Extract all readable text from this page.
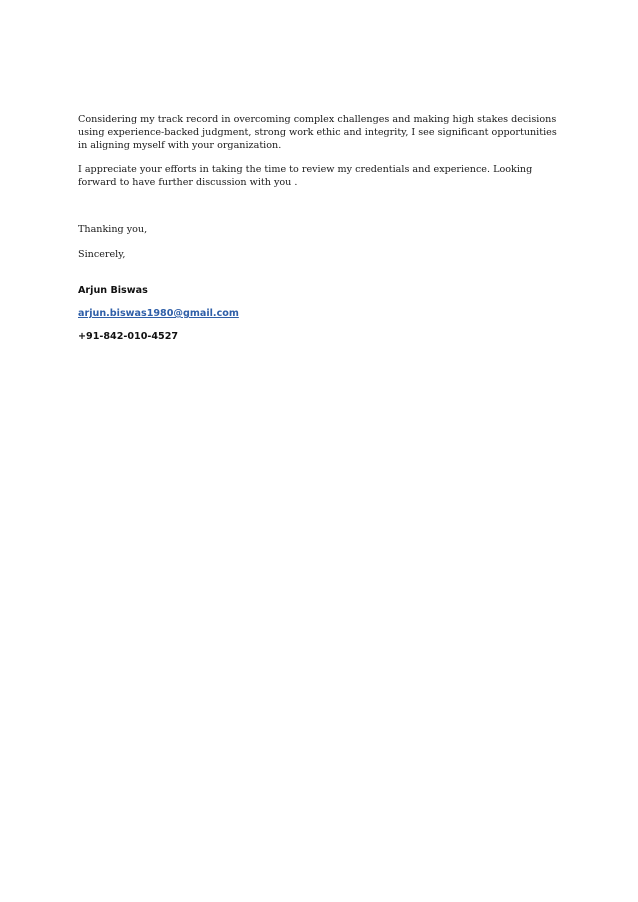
Considering my track record in overcoming complex challenges and making high stakes decisions using experience-backed judgment, strong work ethic and integrity, I see significant opportunities in aligning myself with your organization.

I appreciate your efforts in taking the time to review my credentials and experience. Looking forward to have further discussion with you .

Thanking you,
Sincerely,
Arjun Biswas
arjun.biswas1980@gmail.com
+91-842-010-4527
